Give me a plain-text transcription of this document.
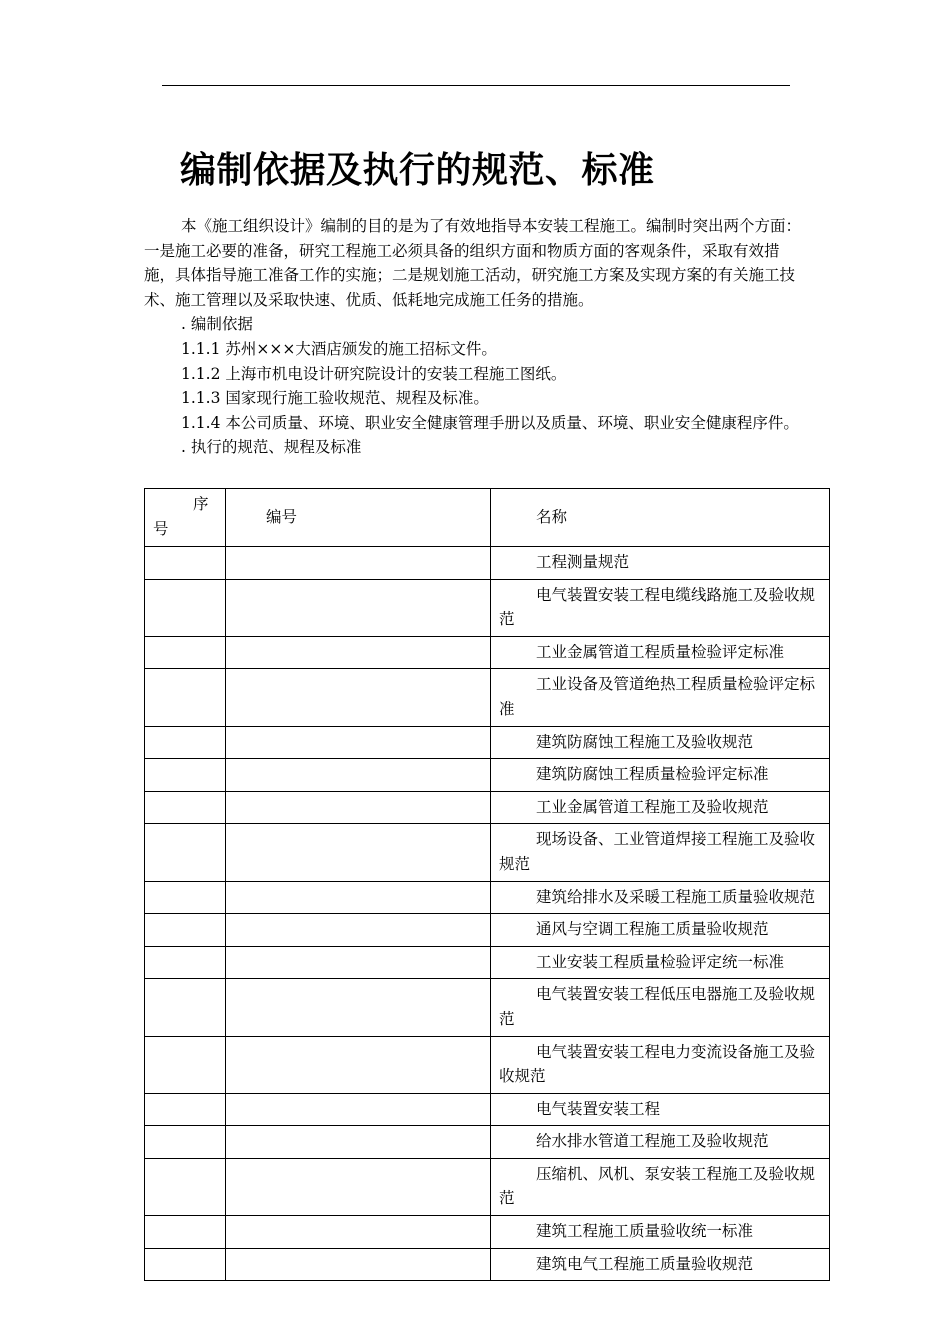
编制依据及执行的规范、标准

本《施工组织设计》编制的目的是为了有效地指导本安装工程施工。编制时突出两个方面：一是施工必要的准备，研究工程施工必须具备的组织方面和物质方面的客观条件，采取有效措施，具体指导施工准备工作的实施；二是规划施工活动，研究施工方案及实现方案的有关施工技 术、施工管理以及采取快速、优质、低耗地完成施工任务的措施。

. 编制依据

1.1.1 苏州×××大酒店颁发的施工招标文件。

1.1.2 上海市机电设计研究院设计的安装工程施工图纸。

1.1.3 国家现行施工验收规范、规程及标准。

1.1.4 本公司质量、环境、职业安全健康管理手册以及质量、环境、职业安全健康程序件。

. 执行的规范、规程及标准

序
号	编号	名称
		工程测量规范
		电气装置安装工程电缆线路施工及验收规范
		工业金属管道工程质量检验评定标准
		工业设备及管道绝热工程质量检验评定标准
		建筑防腐蚀工程施工及验收规范
		建筑防腐蚀工程质量检验评定标准
		工业金属管道工程施工及验收规范
		现场设备、工业管道焊接工程施工及验收规范
		建筑给排水及采暖工程施工质量验收规范
		通风与空调工程施工质量验收规范
		工业安装工程质量检验评定统一标准
		电气装置安装工程低压电器施工及验收规范
		电气装置安装工程电力变流设备施工及验收规范
		电气装置安装工程
		给水排水管道工程施工及验收规范
		压缩机、风机、泵安装工程施工及验收规范
		建筑工程施工质量验收统一标准
		建筑电气工程施工质量验收规范
